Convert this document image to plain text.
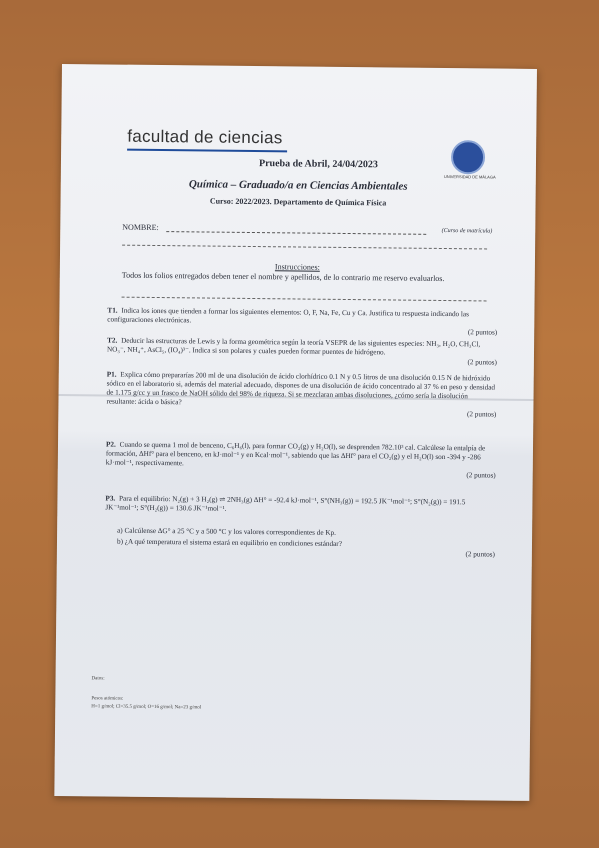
facultad de ciencias
UNIVERSIDAD DE MÁLAGA
Prueba de Abril, 24/04/2023
Química – Graduado/a en Ciencias Ambientales
Curso: 2022/2023. Departamento de Química Física
NOMBRE:	(Curso de matrícula)
Instrucciones:
Todos los folios entregados deben tener el nombre y apellidos, de lo contrario me reservo evaluarlos.
T1. Indica los iones que tienden a formar los siguientes elementos: O, F, Na, Fe, Cu y Ca. Justifica tu respuesta indicando las configuraciones electrónicas.
(2 puntos)
T2. Deducir las estructuras de Lewis y la forma geométrica según la teoría VSEPR de las siguientes especies: NH₃, H₂O, CH₃Cl, NO₃⁻, NH₄⁺, AsCl₅, (IO₄)³⁻. Indica si son polares y cuales pueden formar puentes de hidrógeno.
(2 puntos)
P1. Explica cómo prepararías 200 ml de una disolución de ácido clorhídrico 0.1 N y 0.5 litros de una disolución 0.15 N de hidróxido sódico en el laboratorio si, además del material adecuado, dispones de una disolución de ácido concentrado al 37 % en peso y densidad de 1.175 g/cc y un frasco de NaOH sólido del 98% de riqueza. Si se mezclaran ambas disoluciones, ¿cómo sería la disolución resultante: ácida o básica?
(2 puntos)
P2. Cuando se quema 1 mol de benceno, C₆H₆(l), para formar CO₂(g) y H₂O(l), se desprenden 782.10³ cal. Calcúlese la entalpía de formación, ΔHf° para el benceno, en kJ·mol⁻¹ y en Kcal·mol⁻¹, sabiendo que las ΔHf° para el CO₂(g) y el H₂O(l) son -394 y -286 kJ·mol⁻¹, respectivamente.
(2 puntos)
P3. Para el equilibrio: N₂(g) + 3 H₂(g) ⇌ 2NH₃(g) ΔH° = -92.4 kJ·mol⁻¹, S°(NH₃(g)) = 192.5 JK⁻¹mol⁻¹; S°(N₂(g)) = 191.5 JK⁻¹mol⁻¹; S°(H₂(g)) = 130.6 JK⁻¹mol⁻¹.
a) Calcúlense ΔG° a 25 °C y a 500 °C y los valores correspondientes de Kp.
b) ¿A qué temperatura el sistema estará en equilibrio en condiciones estándar?
(2 puntos)
Datos:
Pesos atómicos:
H=1 g/mol; Cl=35.5 g/mol; O=16 g/mol; Na=23 g/mol
